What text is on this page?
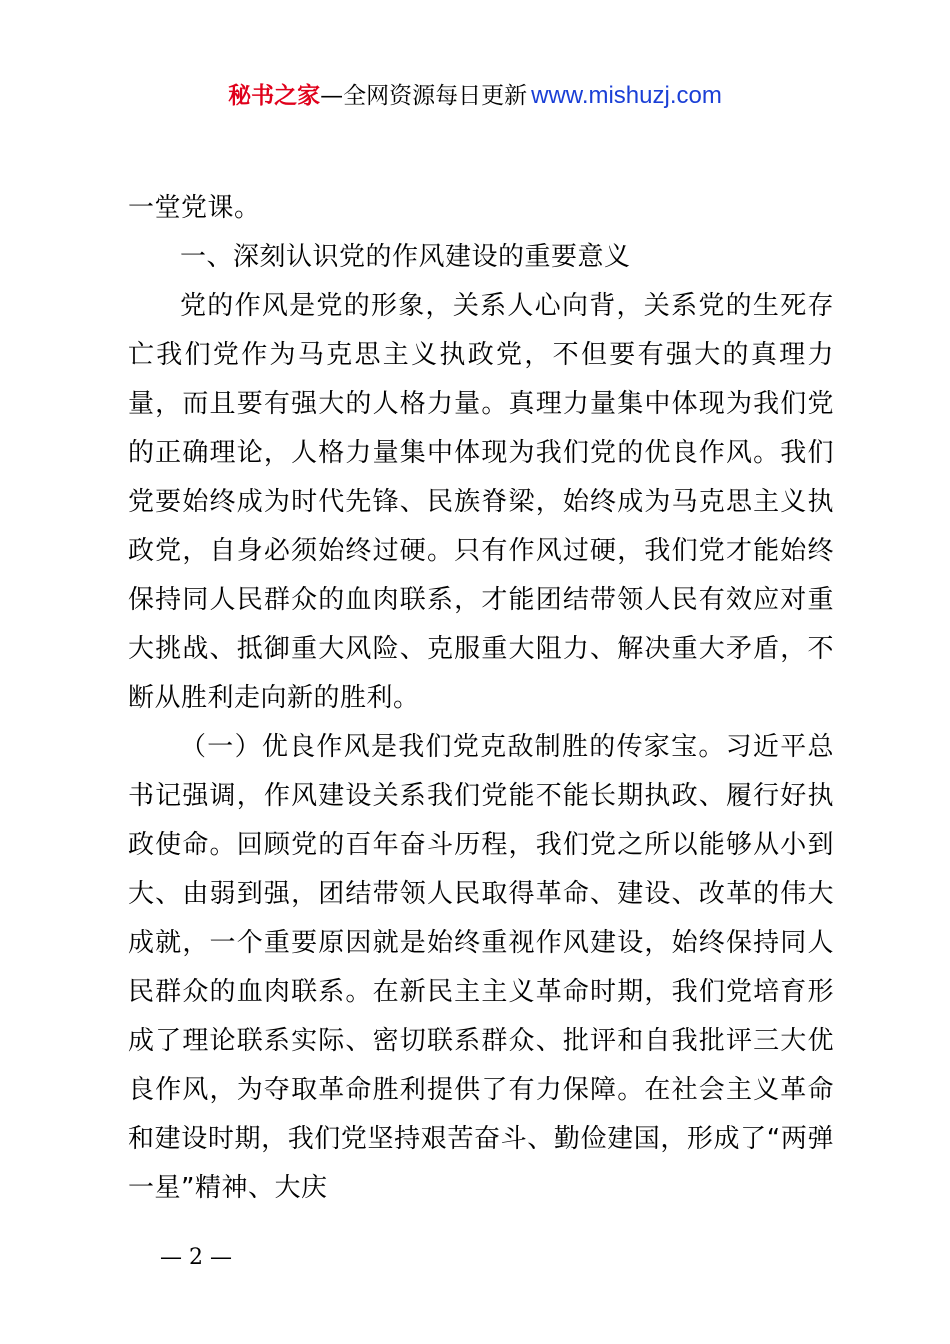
秘书之家—全网资源每日更新 www.mishuzj.com

一堂党课。

一、深刻认识党的作风建设的重要意义

党的作风是党的形象，关系人心向背，关系党的生死存亡我们党作为马克思主义执政党，不但要有强大的真理力量，而且要有强大的人格力量。真理力量集中体现为我们党的正确理论，人格力量集中体现为我们党的优良作风。我们党要始终成为时代先锋、民族脊梁，始终成为马克思主义执政党，自身必须始终过硬。只有作风过硬，我们党才能始终保持同人民群众的血肉联系，才能团结带领人民有效应对重大挑战、抵御重大风险、克服重大阻力、解决重大矛盾，不断从胜利走向新的胜利。

（一）优良作风是我们党克敌制胜的传家宝。习近平总书记强调，作风建设关系我们党能不能长期执政、履行好执政使命。回顾党的百年奋斗历程，我们党之所以能够从小到大、由弱到强，团结带领人民取得革命、建设、改革的伟大成就，一个重要原因就是始终重视作风建设，始终保持同人民群众的血肉联系。在新民主主义革命时期，我们党培育形成了理论联系实际、密切联系群众、批评和自我批评三大优良作风，为夺取革命胜利提供了有力保障。在社会主义革命和建设时期，我们党坚持艰苦奋斗、勤俭建国，形成了“两弹一星”精神、大庆

— 2 —
